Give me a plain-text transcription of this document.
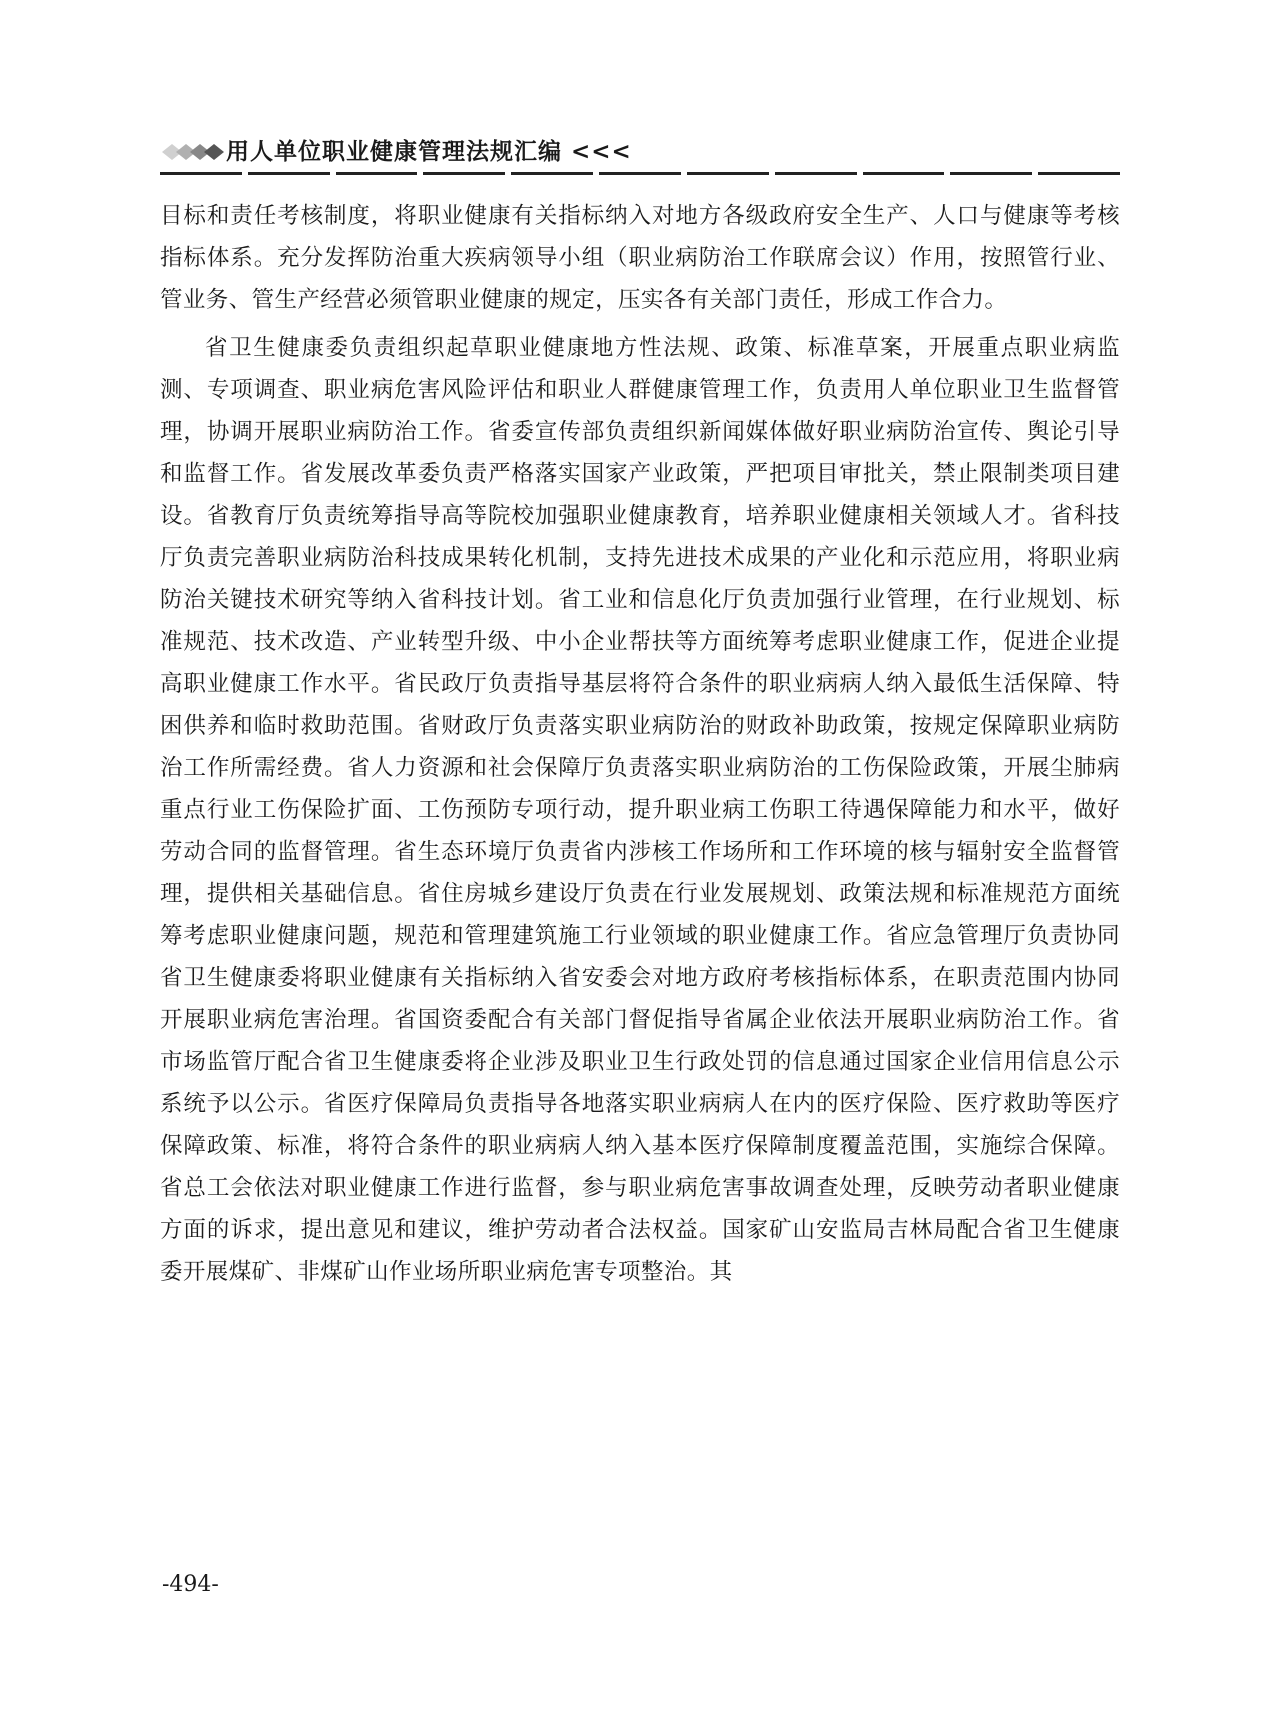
用人单位职业健康管理法规汇编 <<<

目标和责任考核制度，将职业健康有关指标纳入对地方各级政府安全生产、人口与健康等考核指标体系。充分发挥防治重大疾病领导小组（职业病防治工作联席会议）作用，按照管行业、管业务、管生产经营必须管职业健康的规定，压实各有关部门责任，形成工作合力。

省卫生健康委负责组织起草职业健康地方性法规、政策、标准草案，开展重点职业病监测、专项调查、职业病危害风险评估和职业人群健康管理工作，负责用人单位职业卫生监督管理，协调开展职业病防治工作。省委宣传部负责组织新闻媒体做好职业病防治宣传、舆论引导和监督工作。省发展改革委负责严格落实国家产业政策，严把项目审批关，禁止限制类项目建设。省教育厅负责统筹指导高等院校加强职业健康教育，培养职业健康相关领域人才。省科技厅负责完善职业病防治科技成果转化机制，支持先进技术成果的产业化和示范应用，将职业病防治关键技术研究等纳入省科技计划。省工业和信息化厅负责加强行业管理，在行业规划、标准规范、技术改造、产业转型升级、中小企业帮扶等方面统筹考虑职业健康工作，促进企业提高职业健康工作水平。省民政厅负责指导基层将符合条件的职业病病人纳入最低生活保障、特困供养和临时救助范围。省财政厅负责落实职业病防治的财政补助政策，按规定保障职业病防治工作所需经费。省人力资源和社会保障厅负责落实职业病防治的工伤保险政策，开展尘肺病重点行业工伤保险扩面、工伤预防专项行动，提升职业病工伤职工待遇保障能力和水平，做好劳动合同的监督管理。省生态环境厅负责省内涉核工作场所和工作环境的核与辐射安全监督管理，提供相关基础信息。省住房城乡建设厅负责在行业发展规划、政策法规和标准规范方面统筹考虑职业健康问题，规范和管理建筑施工行业领域的职业健康工作。省应急管理厅负责协同省卫生健康委将职业健康有关指标纳入省安委会对地方政府考核指标体系，在职责范围内协同开展职业病危害治理。省国资委配合有关部门督促指导省属企业依法开展职业病防治工作。省市场监管厅配合省卫生健康委将企业涉及职业卫生行政处罚的信息通过国家企业信用信息公示系统予以公示。省医疗保障局负责指导各地落实职业病病人在内的医疗保险、医疗救助等医疗保障政策、标准，将符合条件的职业病病人纳入基本医疗保障制度覆盖范围，实施综合保障。省总工会依法对职业健康工作进行监督，参与职业病危害事故调查处理，反映劳动者职业健康方面的诉求，提出意见和建议，维护劳动者合法权益。国家矿山安监局吉林局配合省卫生健康委开展煤矿、非煤矿山作业场所职业病危害专项整治。其

-494-
